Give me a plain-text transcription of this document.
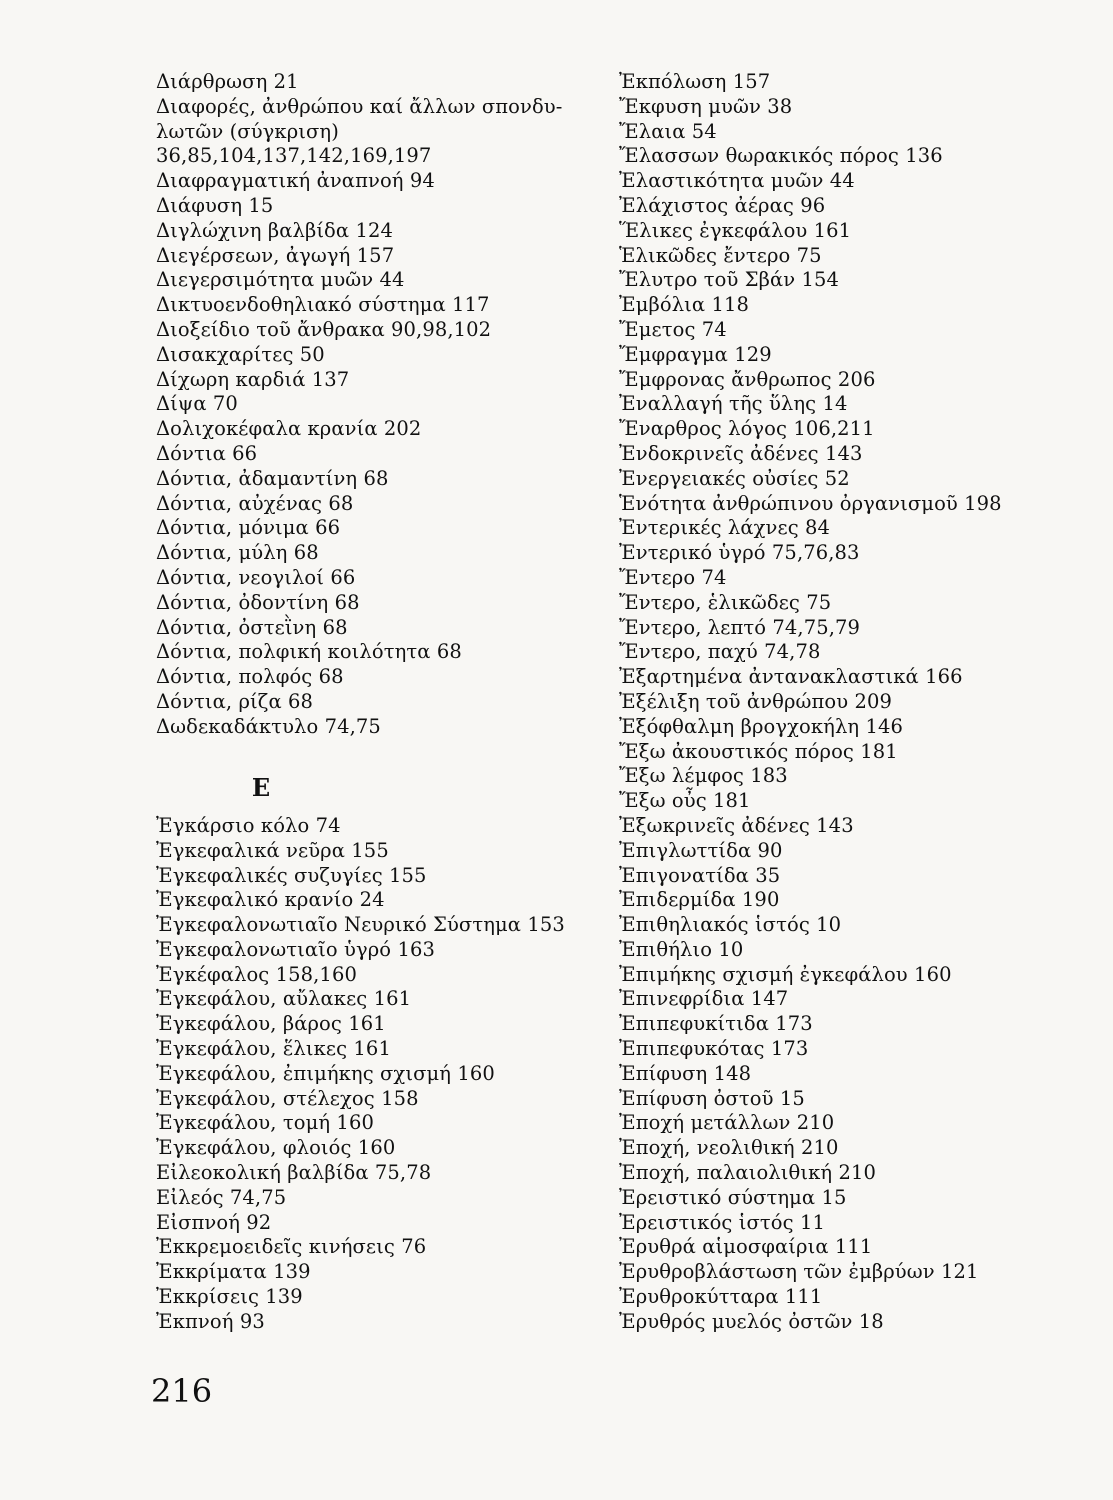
Διάρθρωση 21
Διαφορές, ἀνθρώπου καί ἄλλων σπονδυ-
λωτῶν (σύγκριση)
36,85,104,137,142,169,197
Διαφραγματική ἀναπνοή 94
Διάφυση 15
Διγλώχινη βαλβίδα 124
Διεγέρσεων, ἀγωγή 157
Διεγερσιμότητα μυῶν 44
Δικτυοενδοθηλιακό σύστημα 117
Διοξείδιο τοῦ ἄνθρακα 90,98,102
Δισακχαρίτες 50
Δίχωρη καρδιά 137
Δίψα 70
Δολιχοκέφαλα κρανία 202
Δόντια 66
Δόντια, ἀδαμαντίνη 68
Δόντια, αὐχένας 68
Δόντια, μόνιμα 66
Δόντια, μύλη 68
Δόντια, νεογιλοί 66
Δόντια, ὀδοντίνη 68
Δόντια, ὀστεῒνη 68
Δόντια, πολφική κοιλότητα 68
Δόντια, πολφός 68
Δόντια, ρίζα 68
Δωδεκαδάκτυλο 74,75
Ε
Ἐγκάρσιο κόλο 74
Ἐγκεφαλικά νεῦρα 155
Ἐγκεφαλικές συζυγίες 155
Ἐγκεφαλικό κρανίο 24
Ἐγκεφαλονωτιαῖο Νευρικό Σύστημα 153
Ἐγκεφαλονωτιαῖο ὑγρό 163
Ἐγκέφαλος 158,160
Ἐγκεφάλου, αὔλακες 161
Ἐγκεφάλου, βάρος 161
Ἐγκεφάλου, ἕλικες 161
Ἐγκεφάλου, ἐπιμήκης σχισμή 160
Ἐγκεφάλου, στέλεχος 158
Ἐγκεφάλου, τομή 160
Ἐγκεφάλου, φλοιός 160
Εἰλεοκολική βαλβίδα 75,78
Εἰλεός 74,75
Εἰσπνοή 92
Ἐκκρεμοειδεῖς κινήσεις 76
Ἐκκρίματα 139
Ἐκκρίσεις 139
Ἐκπνοή 93
Ἐκπόλωση 157
Ἔκφυση μυῶν 38
Ἔλαια 54
Ἔλασσων θωρακικός πόρος 136
Ἐλαστικότητα μυῶν 44
Ἐλάχιστος ἀέρας 96
Ἕλικες ἐγκεφάλου 161
Ἑλικῶδες ἔντερο 75
Ἔλυτρο τοῦ Σβάν 154
Ἐμβόλια 118
Ἔμετος 74
Ἔμφραγμα 129
Ἔμφρονας ἄνθρωπος 206
Ἐναλλαγή τῆς ὕλης 14
Ἔναρθρος λόγος 106,211
Ἐνδοκρινεῖς ἀδένες 143
Ἐνεργειακές οὐσίες 52
Ἑνότητα ἀνθρώπινου ὀργανισμοῦ 198
Ἐντερικές λάχνες 84
Ἐντερικό ὑγρό 75,76,83
Ἔντερο 74
Ἔντερο, ἑλικῶδες 75
Ἔντερο, λεπτό 74,75,79
Ἔντερο, παχύ 74,78
Ἐξαρτημένα ἀντανακλαστικά 166
Ἐξέλιξη τοῦ ἀνθρώπου 209
Ἐξόφθαλμη βρογχοκήλη 146
Ἔξω ἀκουστικός πόρος 181
Ἔξω λέμφος 183
Ἔξω οὖς 181
Ἐξωκρινεῖς ἀδένες 143
Ἐπιγλωττίδα 90
Ἐπιγονατίδα 35
Ἐπιδερμίδα 190
Ἐπιθηλιακός ἱστός 10
Ἐπιθήλιο 10
Ἐπιμήκης σχισμή ἐγκεφάλου 160
Ἐπινεφρίδια 147
Ἐπιπεφυκίτιδα 173
Ἐπιπεφυκότας 173
Ἐπίφυση 148
Ἐπίφυση ὀστοῦ 15
Ἐποχή μετάλλων 210
Ἐποχή, νεολιθική 210
Ἐποχή, παλαιολιθική 210
Ἐρειστικό σύστημα 15
Ἐρειστικός ἱστός 11
Ἐρυθρά αἱμοσφαίρια 111
Ἐρυθροβλάστωση τῶν ἐμβρύων 121
Ἐρυθροκύτταρα 111
Ἐρυθρός μυελός ὀστῶν 18
216
